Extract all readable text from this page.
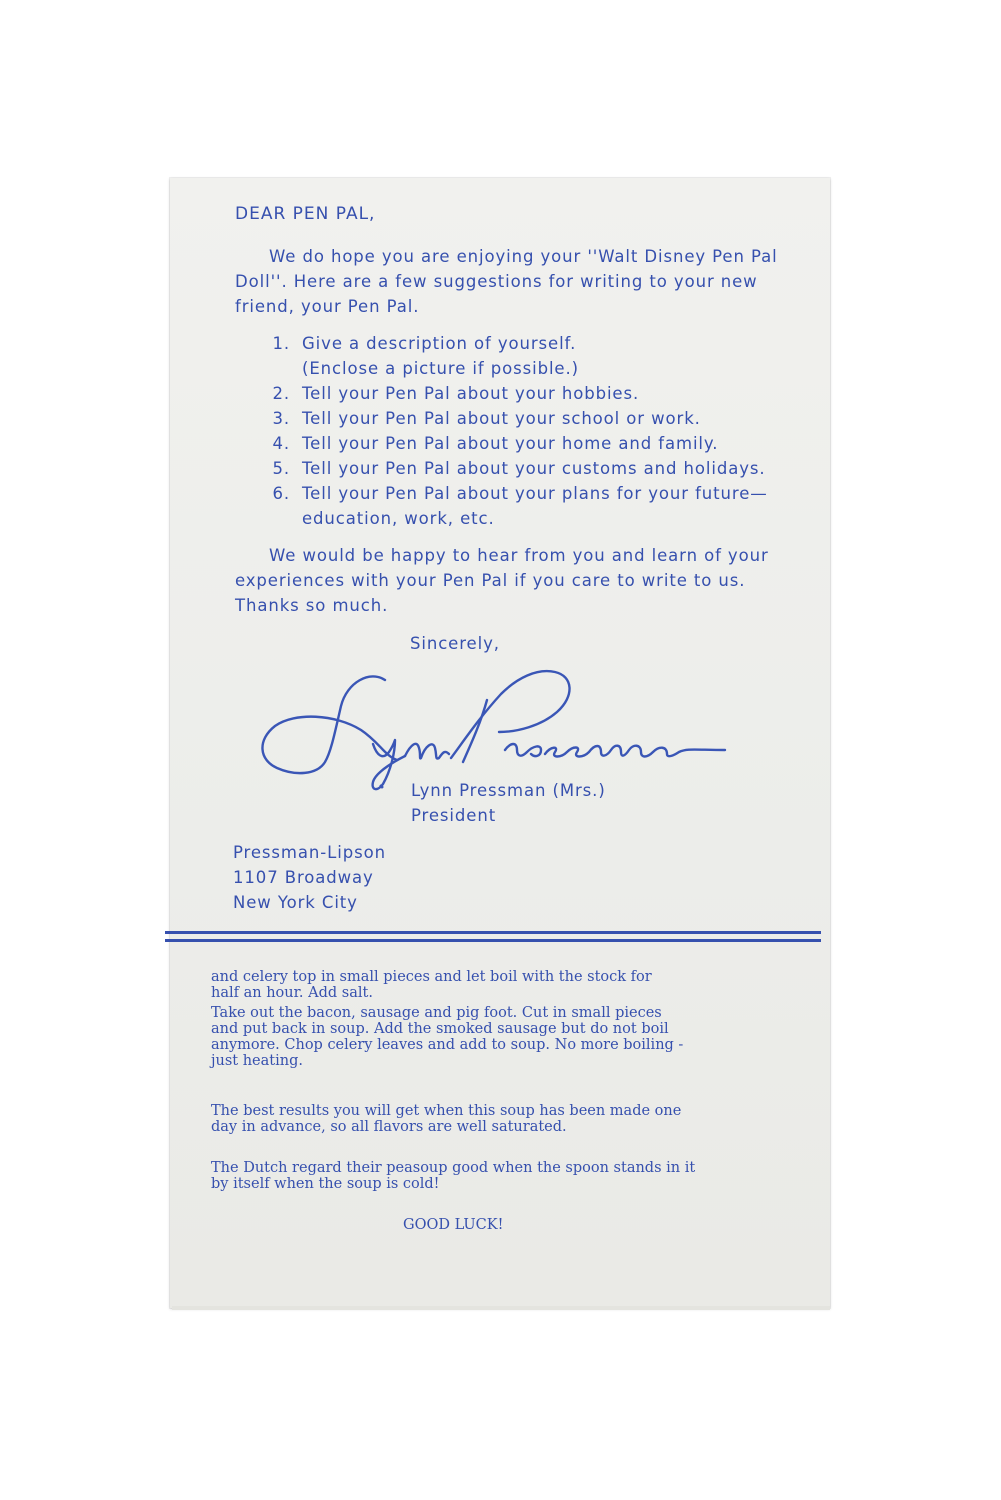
DEAR PEN PAL,

We do hope you are enjoying your ''Walt Disney Pen Pal

Doll''. Here are a few suggestions for writing to your new

friend, your Pen Pal.

1. Give a description of yourself.
(Enclose a picture if possible.)
2. Tell your Pen Pal about your hobbies.
3. Tell your Pen Pal about your school or work.
4. Tell your Pen Pal about your home and family.
5. Tell your Pen Pal about your customs and holidays.
6. Tell your Pen Pal about your plans for your future—
education, work, etc.

We would be happy to hear from you and learn of your

experiences with your Pen Pal if you care to write to us.

Thanks so much.

Sincerely,

Lynn Pressman (Mrs.)

President

Pressman-Lipson

1107 Broadway

New York City

and celery top in small pieces and let boil with the stock for

half an hour. Add salt.

Take out the bacon, sausage and pig foot. Cut in small pieces

and put back in soup. Add the smoked sausage but do not boil

anymore. Chop celery leaves and add to soup. No more boiling -

just heating.

The best results you will get when this soup has been made one

day in advance, so all flavors are well saturated.

The Dutch regard their peasoup good when the spoon stands in it

by itself when the soup is cold!

GOOD LUCK!
